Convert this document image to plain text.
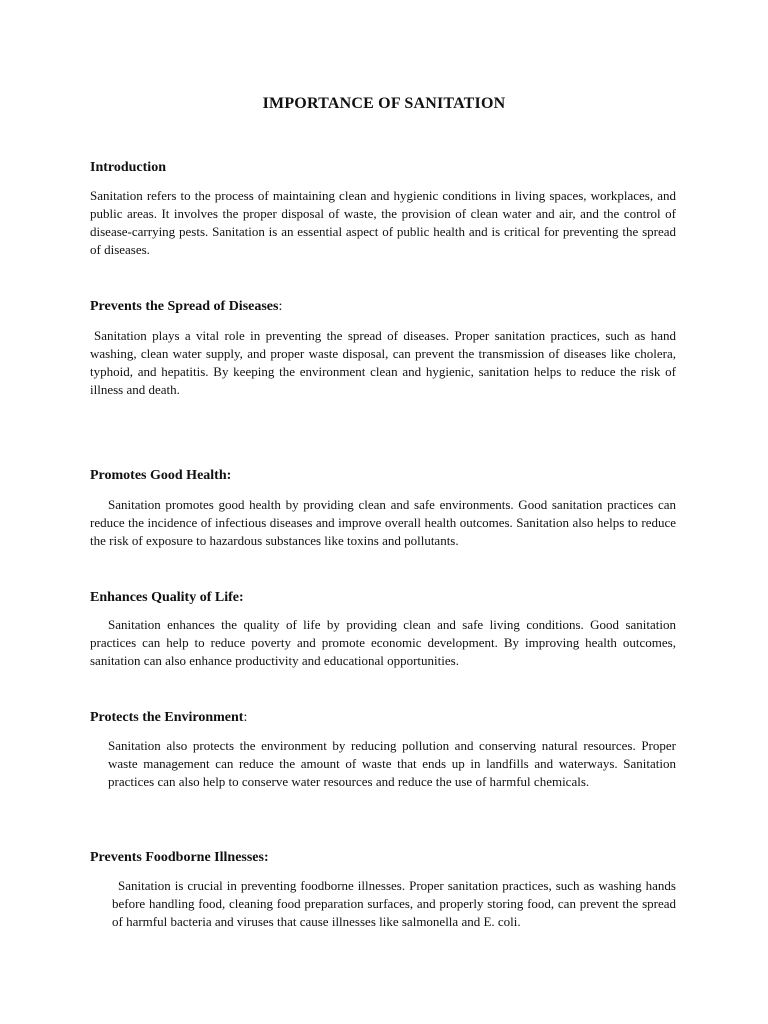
IMPORTANCE OF SANITATION
Introduction

Sanitation refers to the process of maintaining clean and hygienic conditions in living spaces, workplaces, and public areas. It involves the proper disposal of waste, the provision of clean water and air, and the control of disease-carrying pests. Sanitation is an essential aspect of public health and is critical for preventing the spread of diseases.

Prevents the Spread of Diseases:

Sanitation plays a vital role in preventing the spread of diseases. Proper sanitation practices, such as hand washing, clean water supply, and proper waste disposal, can prevent the transmission of diseases like cholera, typhoid, and hepatitis. By keeping the environment clean and hygienic, sanitation helps to reduce the risk of illness and death.

Promotes Good Health:

Sanitation promotes good health by providing clean and safe environments. Good sanitation practices can reduce the incidence of infectious diseases and improve overall health outcomes. Sanitation also helps to reduce the risk of exposure to hazardous substances like toxins and pollutants.

Enhances Quality of Life:

Sanitation enhances the quality of life by providing clean and safe living conditions. Good sanitation practices can help to reduce poverty and promote economic development. By improving health outcomes, sanitation can also enhance productivity and educational opportunities.

Protects the Environment:

Sanitation also protects the environment by reducing pollution and conserving natural resources. Proper waste management can reduce the amount of waste that ends up in landfills and waterways. Sanitation practices can also help to conserve water resources and reduce the use of harmful chemicals.

Prevents Foodborne Illnesses:

Sanitation is crucial in preventing foodborne illnesses. Proper sanitation practices, such as washing hands before handling food, cleaning food preparation surfaces, and properly storing food, can prevent the spread of harmful bacteria and viruses that cause illnesses like salmonella and E. coli.
